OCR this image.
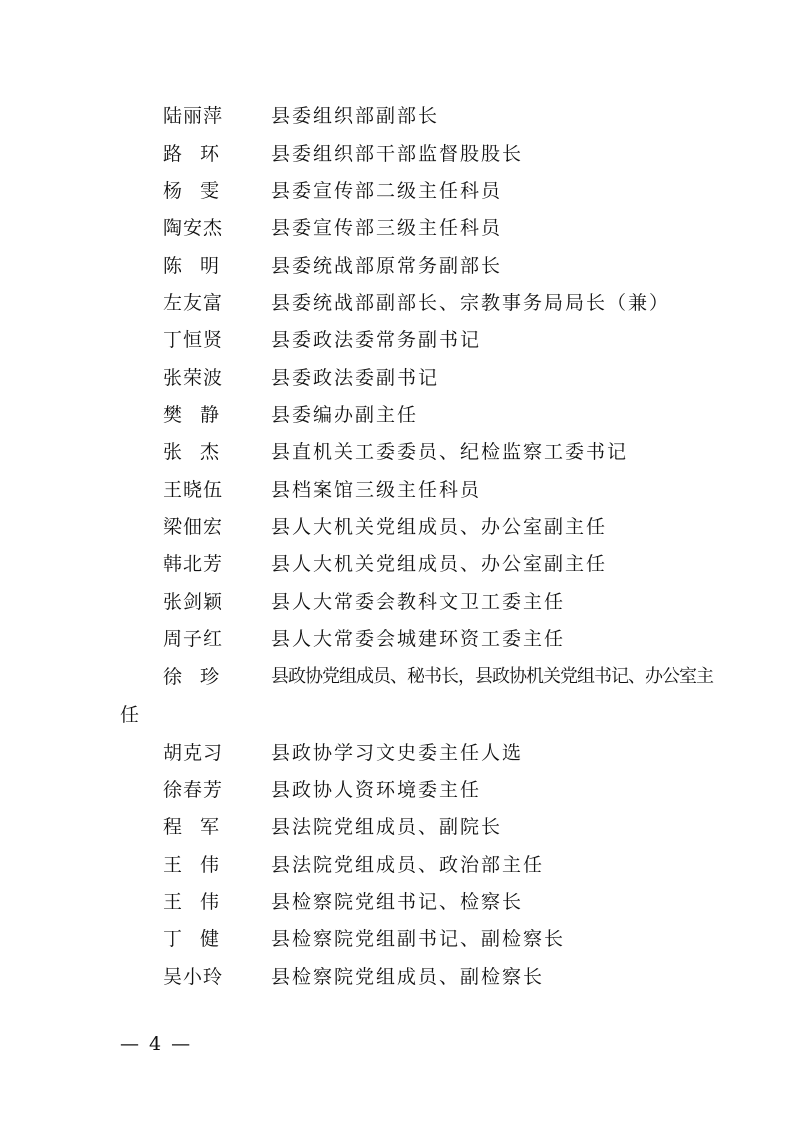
陆丽萍	县委组织部副部长
路环 县委组织部干部监督股股长
杨雯 县委宣传部二级主任科员
陶安杰	县委宣传部三级主任科员
陈明 县委统战部原常务副部长
左友富	县委统战部副部长、宗教事务局局长（兼）
丁恒贤	县委政法委常务副书记
张荣波	县委政法委副书记
樊静 县委编办副主任
张杰 县直机关工委委员、纪检监察工委书记
王晓伍	县档案馆三级主任科员
梁佃宏	县人大机关党组成员、办公室副主任
韩北芳	县人大机关党组成员、办公室副主任
张剑颖	县人大常委会教科文卫工委主任
周子红	县人大常委会城建环资工委主任
徐珍 县政协党组成员、秘书长，县政协机关党组书记、办公室主
任
胡克习	县政协学习文史委主任人选
徐春芳	县政协人资环境委主任
程军 县法院党组成员、副院长
王伟 县法院党组成员、政治部主任
王伟 县检察院党组书记、检察长
丁健 县检察院党组副书记、副检察长
吴小玲	县检察院党组成员、副检察长
— 4 —
